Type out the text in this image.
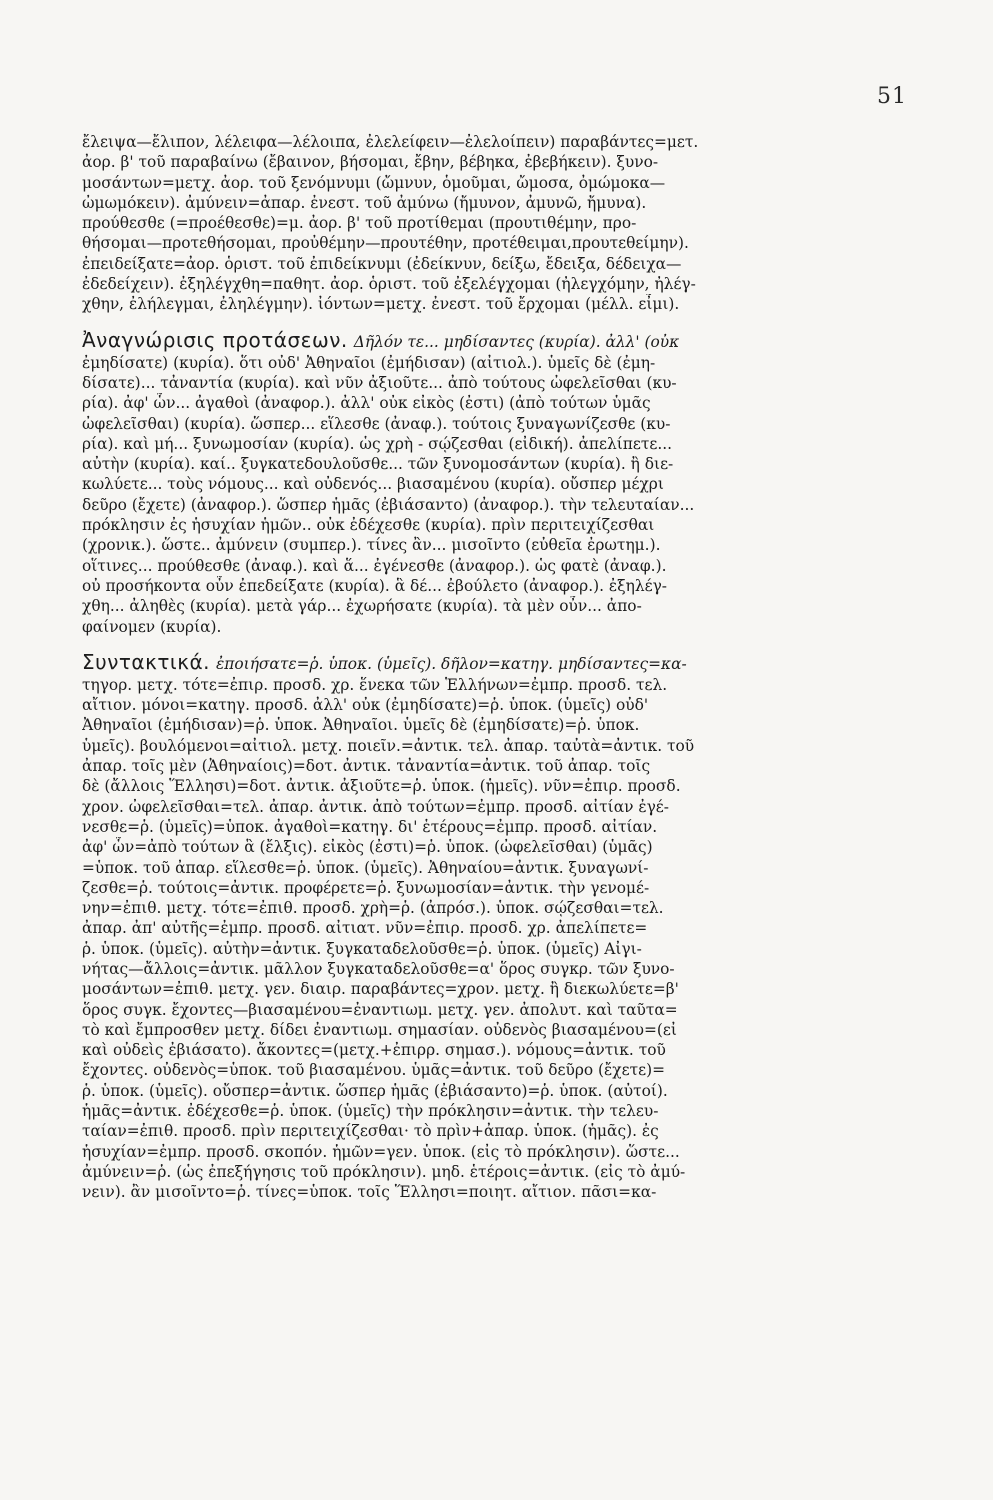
51
ἔλειψα—ἔλιπον, λέλειφα—λέλοιπα, ἐλελείφειν—ἐλελοίπειν) παραβάντες=μετ.
ἀορ. β' τοῦ παραβαίνω (ἔβαινον, βήσομαι, ἔβην, βέβηκα, ἐβεβήκειν). ξυνο-
μοσάντων=μετχ. ἀορ. τοῦ ξενόμνυμι (ὤμνυν, ὁμοῦμαι, ὤμοσα, ὀμώμοκα—
ὠμωμόκειν). ἀμύνειν=ἀπαρ. ἐνεστ. τοῦ ἀμύνω (ἤμυνον, ἀμυνῶ, ἤμυνα).
προύθεσθε (=προέθεσθε)=μ. ἀορ. β' τοῦ προτίθεμαι (προυτιθέμην, προ-
θήσομαι—προτεθήσομαι, προὐθέμην—προυτέθην, προτέθειμαι,προυτεθείμην).
ἐπειδείξατε=ἀορ. ὁριστ. τοῦ ἐπιδείκνυμι (ἐδείκνυν, δείξω, ἔδειξα, δέδειχα—
ἐδεδείχειν). ἐξηλέγχθη=παθητ. ἀορ. ὁριστ. τοῦ ἐξελέγχομαι (ἠλεγχόμην, ἠλέγ-
χθην, ἐλήλεγμαι, ἐληλέγμην). ἰόντων=μετχ. ἐνεστ. τοῦ ἔρχομαι (μέλλ. εἶμι).
Ἀναγνώρισις προτάσεων. Δῆλόν τε... μηδίσαντες (κυρία). ἀλλ' (οὐκ
ἐμηδίσατε) (κυρία). ὅτι οὐδ' Ἀθηναῖοι (ἐμήδισαν) (αἰτιολ.). ὑμεῖς δὲ (ἐμη-
δίσατε)... τἀναντία (κυρία). καὶ νῦν ἀξιοῦτε... ἀπὸ τούτους ὠφελεῖσθαι (κυ-
ρία). ἀφ' ὧν... ἀγαθοὶ (ἀναφορ.). ἀλλ' οὐκ εἰκὸς (ἐστι) (ἀπὸ τούτων ὑμᾶς
ὠφελεῖσθαι) (κυρία). ὥσπερ... εἵλεσθε (ἀναφ.). τούτοις ξυναγωνίζεσθε (κυ-
ρία). καὶ μή... ξυνωμοσίαν (κυρία). ὡς χρὴ - σῴζεσθαι (εἰδική). ἀπελίπετε...
αὐτὴν (κυρία). καί.. ξυγκατεδουλοῦσθε... τῶν ξυνομοσάντων (κυρία). ἢ διε-
κωλύετε... τοὺς νόμους... καὶ οὐδενός... βιασαμένου (κυρία). οὔσπερ μέχρι
δεῦρο (ἔχετε) (ἀναφορ.). ὥσπερ ἡμᾶς (ἐβιάσαντο) (ἀναφορ.). τὴν τελευταίαν...
πρόκλησιν ἐς ἡσυχίαν ἡμῶν.. οὐκ ἐδέχεσθε (κυρία). πρὶν περιτειχίζεσθαι
(χρονικ.). ὥστε.. ἀμύνειν (συμπερ.). τίνες ἂν... μισοῖντο (εὐθεῖα ἐρωτημ.).
οἵτινες... προύθεσθε (ἀναφ.). καὶ ἅ... ἐγένεσθε (ἀναφορ.). ὡς φατὲ (ἀναφ.).
οὐ προσήκοντα οὖν ἐπεδείξατε (κυρία). ἃ δέ... ἐβούλετο (ἀναφορ.). ἐξηλέγ-
χθη... ἀληθὲς (κυρία). μετὰ γάρ... ἐχωρήσατε (κυρία). τὰ μὲν οὖν... ἀπο-
φαίνομεν (κυρία).
Συντακτικά. ἐποιήσατε=ῥ. ὑποκ. (ὑμεῖς). δῆλον=κατηγ. μηδίσαντες=κα-
τηγορ. μετχ. τότε=ἐπιρ. προσδ. χρ. ἕνεκα τῶν Ἑλλήνων=ἐμπρ. προσδ. τελ.
αἴτιον. μόνοι=κατηγ. προσδ. ἀλλ' οὐκ (ἐμηδίσατε)=ῥ. ὑποκ. (ὑμεῖς) οὐδ'
Ἀθηναῖοι (ἐμήδισαν)=ῥ. ὑποκ. Ἀθηναῖοι. ὑμεῖς δὲ (ἐμηδίσατε)=ῥ. ὑποκ.
ὑμεῖς). βουλόμενοι=αἰτιολ. μετχ. ποιεῖν.=ἀντικ. τελ. ἀπαρ. ταὐτὰ=ἀντικ. τοῦ
ἀπαρ. τοῖς μὲν (Ἀθηναίοις)=δοτ. ἀντικ. τἀναντία=ἀντικ. τοῦ ἀπαρ. τοῖς
δὲ (ἄλλοις Ἕλλησι)=δοτ. ἀντικ. ἀξιοῦτε=ῥ. ὑποκ. (ἡμεῖς). νῦν=ἐπιρ. προσδ.
χρον. ὠφελεῖσθαι=τελ. ἀπαρ. ἀντικ. ἀπὸ τούτων=ἐμπρ. προσδ. αἰτίαν ἐγέ-
νεσθε=ῥ. (ὑμεῖς)=ὑποκ. ἀγαθοὶ=κατηγ. δι' ἑτέρους=ἐμπρ. προσδ. αἰτίαν.
ἀφ' ὧν=ἀπὸ τούτων ἃ (ἔλξις). εἰκὸς (ἐστι)=ῥ. ὑποκ. (ὠφελεῖσθαι) (ὑμᾶς)
=ὑποκ. τοῦ ἀπαρ. εἵλεσθε=ῥ. ὑποκ. (ὑμεῖς). Ἀθηναίου=ἀντικ. ξυναγωνί-
ζεσθε=ῥ. τούτοις=ἀντικ. προφέρετε=ῥ. ξυνωμοσίαν=ἀντικ. τὴν γενομέ-
νην=ἐπιθ. μετχ. τότε=ἐπιθ. προσδ. χρὴ=ῥ. (ἀπρόσ.). ὑποκ. σῴζεσθαι=τελ.
ἀπαρ. ἀπ' αὐτῆς=ἐμπρ. προσδ. αἰτιατ. νῦν=ἐπιρ. προσδ. χρ. ἀπελίπετε=
ῥ. ὑποκ. (ὑμεῖς). αὐτὴν=ἀντικ. ξυγκαταδελοῦσθε=ῥ. ὑποκ. (ὑμεῖς) Αἰγι-
νήτας—ἄλλοις=ἀντικ. μᾶλλον ξυγκαταδελοῦσθε=α' ὅρος συγκρ. τῶν ξυνο-
μοσάντων=ἐπιθ. μετχ. γεν. διαιρ. παραβάντες=χρον. μετχ. ἢ διεκωλύετε=β'
ὅρος συγκ. ἔχοντες—βιασαμένου=ἐναντιωμ. μετχ. γεν. ἀπολυτ. καὶ ταῦτα=
τὸ καὶ ἔμπροσθεν μετχ. δίδει ἐναντιωμ. σημασίαν. οὐδενὸς βιασαμένου=(εἰ
καὶ οὐδεὶς ἐβιάσατο). ἄκοντες=(μετχ.+ἐπιρρ. σημασ.). νόμους=ἀντικ. τοῦ
ἔχοντες. οὐδενὸς=ὑποκ. τοῦ βιασαμένου. ὑμᾶς=ἀντικ. τοῦ δεῦρο (ἔχετε)=
ῥ. ὑποκ. (ὑμεῖς). οὔσπερ=ἀντικ. ὥσπερ ἡμᾶς (ἐβιάσαντο)=ῥ. ὑποκ. (αὐτοί).
ἡμᾶς=ἀντικ. ἐδέχεσθε=ῥ. ὑποκ. (ὑμεῖς) τὴν πρόκλησιν=ἀντικ. τὴν τελευ-
ταίαν=ἐπιθ. προσδ. πρὶν περιτειχίζεσθαι· τὸ πρὶν+ἀπαρ. ὑποκ. (ἡμᾶς). ἐς
ἡσυχίαν=ἐμπρ. προσδ. σκοπόν. ἡμῶν=γεν. ὑποκ. (εἰς τὸ πρόκλησιν). ὥστε...
ἀμύνειν=ῥ. (ὡς ἐπεξήγησις τοῦ πρόκλησιν). μηδ. ἑτέροις=ἀντικ. (εἰς τὸ ἀμύ-
νειν). ἂν μισοῖντο=ῥ. τίνες=ὑποκ. τοῖς Ἕλλησι=ποιητ. αἴτιον. πᾶσι=κα-
